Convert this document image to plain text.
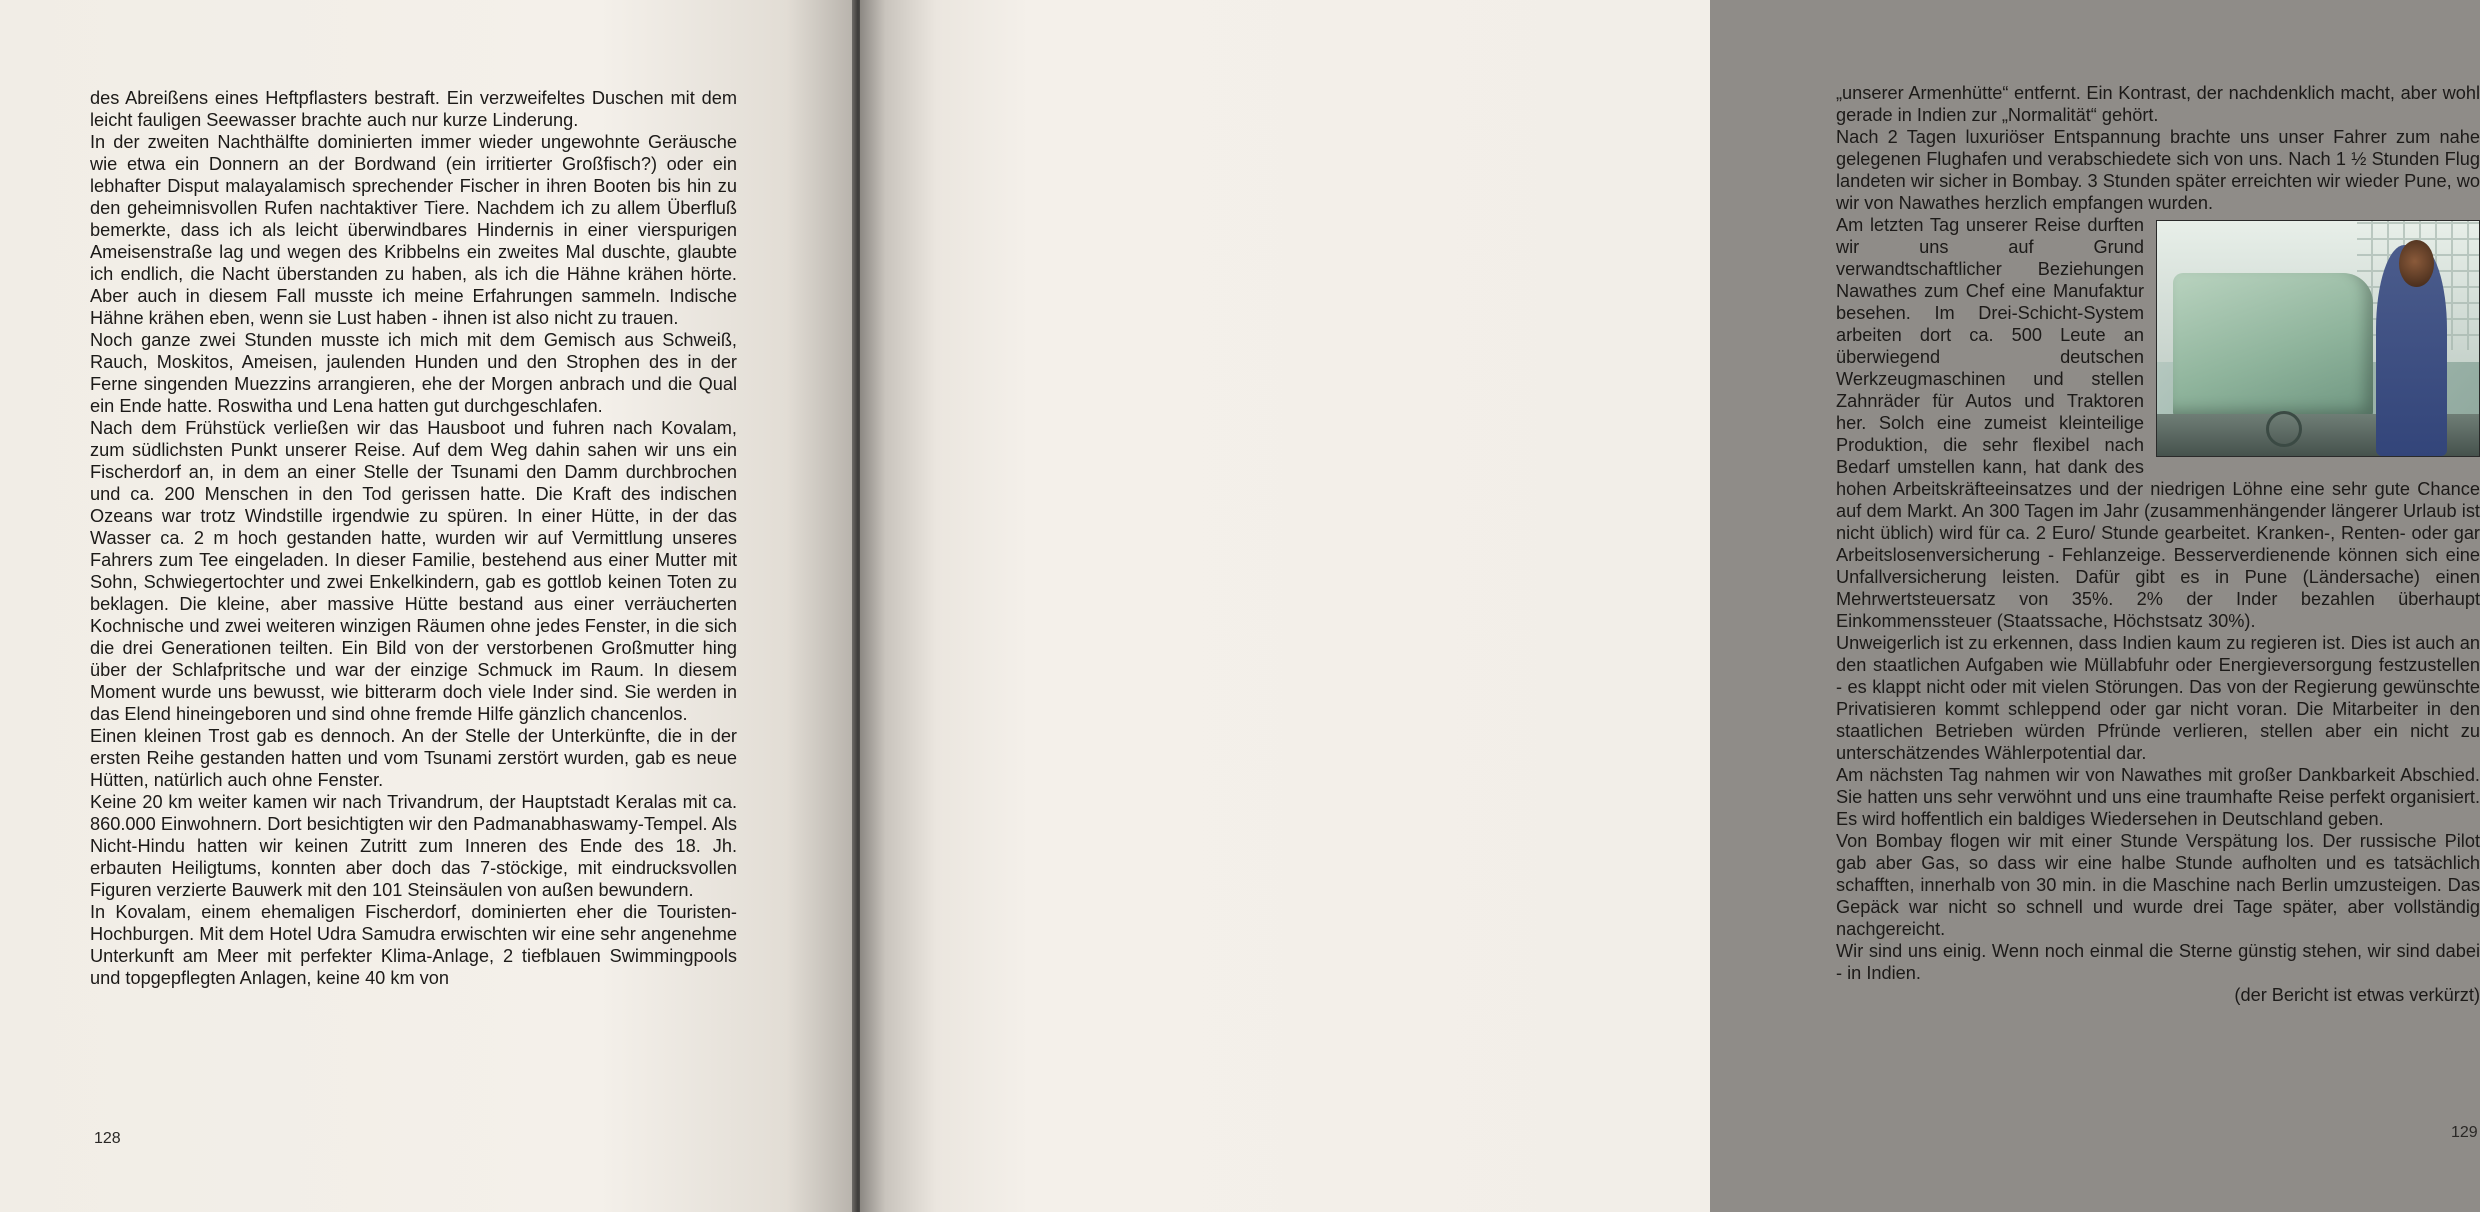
des Abreißens eines Heftpflasters bestraft. Ein verzweifeltes Duschen mit dem leicht fauligen Seewasser brachte auch nur kurze Linderung.

In der zweiten Nachthälfte dominierten immer wieder ungewohnte Geräusche wie etwa ein Donnern an der Bordwand (ein irritierter Großfisch?) oder ein lebhafter Disput malayalamisch sprechender Fischer in ihren Booten bis hin zu den geheimnisvollen Rufen nachtaktiver Tiere. Nachdem ich zu allem Überfluß bemerkte, dass ich als leicht überwindbares Hindernis in einer vierspurigen Ameisenstraße lag und wegen des Kribbelns ein zweites Mal duschte, glaubte ich endlich, die Nacht überstanden zu haben, als ich die Hähne krähen hörte. Aber auch in diesem Fall musste ich meine Erfahrungen sammeln. Indische Hähne krähen eben, wenn sie Lust haben - ihnen ist also nicht zu trauen.

Noch ganze zwei Stunden musste ich mich mit dem Gemisch aus Schweiß, Rauch, Moskitos, Ameisen, jaulenden Hunden und den Strophen des in der Ferne singenden Muezzins arrangieren, ehe der Morgen anbrach und die Qual ein Ende hatte. Roswitha und Lena hatten gut durchgeschlafen.

Nach dem Frühstück verließen wir das Hausboot und fuhren nach Kovalam, zum südlichsten Punkt unserer Reise. Auf dem Weg dahin sahen wir uns ein Fischerdorf an, in dem an einer Stelle der Tsunami den Damm durchbrochen und ca. 200 Menschen in den Tod gerissen hatte. Die Kraft des indischen Ozeans war trotz Windstille irgendwie zu spüren. In einer Hütte, in der das Wasser ca. 2 m hoch gestanden hatte, wurden wir auf Vermittlung unseres Fahrers zum Tee eingeladen. In dieser Familie, bestehend aus einer Mutter mit Sohn, Schwiegertochter und zwei Enkelkindern, gab es gottlob keinen Toten zu beklagen. Die kleine, aber massive Hütte bestand aus einer verräucherten Kochnische und zwei weiteren winzigen Räumen ohne jedes Fenster, in die sich die drei Generationen teilten. Ein Bild von der verstorbenen Großmutter hing über der Schlafpritsche und war der einzige Schmuck im Raum. In diesem Moment wurde uns bewusst, wie bitterarm doch viele Inder sind. Sie werden in das Elend hineingeboren und sind ohne fremde Hilfe gänzlich chancenlos.

Einen kleinen Trost gab es dennoch. An der Stelle der Unterkünfte, die in der ersten Reihe gestanden hatten und vom Tsunami zerstört wurden, gab es neue Hütten, natürlich auch ohne Fenster.

Keine 20 km weiter kamen wir nach Trivandrum, der Hauptstadt Keralas mit ca. 860.000 Einwohnern. Dort besichtigten wir den Padmanabhaswamy-Tempel. Als Nicht-Hindu hatten wir keinen Zutritt zum Inneren des Ende des 18. Jh. erbauten Heiligtums, konnten aber doch das 7-stöckige, mit eindrucksvollen Figuren verzierte Bauwerk mit den 101 Steinsäulen von außen bewundern.

In Kovalam, einem ehemaligen Fischerdorf, dominierten eher die Touristen-Hochburgen. Mit dem Hotel Udra Samudra erwischten wir eine sehr angenehme Unterkunft am Meer mit perfekter Klima-Anlage, 2 tiefblauen Swimmingpools und topgepflegten Anlagen, keine 40 km von

128

„unserer Armenhütte“ entfernt. Ein Kontrast, der nachdenklich macht, aber wohl gerade in Indien zur „Normalität“ gehört.

Nach 2 Tagen luxuriöser Entspannung brachte uns unser Fahrer zum nahe gelegenen Flughafen und verabschiedete sich von uns. Nach 1 ½ Stunden Flug landeten wir sicher in Bombay. 3 Stunden später erreichten wir wieder Pune, wo wir von Nawathes herzlich empfangen wurden.

Am letzten Tag unserer Reise durften wir uns auf Grund verwandtschaftlicher Beziehungen Nawathes zum Chef eine Manufaktur besehen. Im Drei-Schicht-System arbeiten dort ca. 500 Leute an überwiegend deutschen Werkzeugmaschinen und stellen Zahnräder für Autos und Traktoren her. Solch eine zumeist kleinteilige Produktion, die sehr flexibel nach Bedarf umstellen kann, hat dank des hohen Arbeitskräfteeinsatzes und der niedrigen Löhne eine sehr gute Chance auf dem Markt. An 300 Tagen im Jahr (zusammenhängender längerer Urlaub ist nicht üblich) wird für ca. 2 Euro/ Stunde gearbeitet. Kranken-, Renten- oder gar Arbeitslosenversicherung - Fehlanzeige. Besserverdienende können sich eine Unfallversicherung leisten. Dafür gibt es in Pune (Ländersache) einen Mehrwertsteuersatz von 35%. 2% der Inder bezahlen überhaupt Einkommenssteuer (Staatssache, Höchstsatz 30%).

Unweigerlich ist zu erkennen, dass Indien kaum zu regieren ist. Dies ist auch an den staatlichen Aufgaben wie Müllabfuhr oder Energieversorgung festzustellen - es klappt nicht oder mit vielen Störungen. Das von der Regierung gewünschte Privatisieren kommt schleppend oder gar nicht voran. Die Mitarbeiter in den staatlichen Betrieben würden Pfründe verlieren, stellen aber ein nicht zu unterschätzendes Wählerpotential dar.

Am nächsten Tag nahmen wir von Nawathes mit großer Dankbarkeit Abschied. Sie hatten uns sehr verwöhnt und uns eine traumhafte Reise perfekt organisiert. Es wird hoffentlich ein baldiges Wiedersehen in Deutschland geben.

Von Bombay flogen wir mit einer Stunde Verspätung los. Der russische Pilot gab aber Gas, so dass wir eine halbe Stunde aufholten und es tatsächlich schafften, innerhalb von 30 min. in die Maschine nach Berlin umzusteigen. Das Gepäck war nicht so schnell und wurde drei Tage später, aber vollständig nachgereicht.

Wir sind uns einig. Wenn noch einmal die Sterne günstig stehen, wir sind dabei - in Indien.

(der Bericht ist etwas verkürzt)

129
